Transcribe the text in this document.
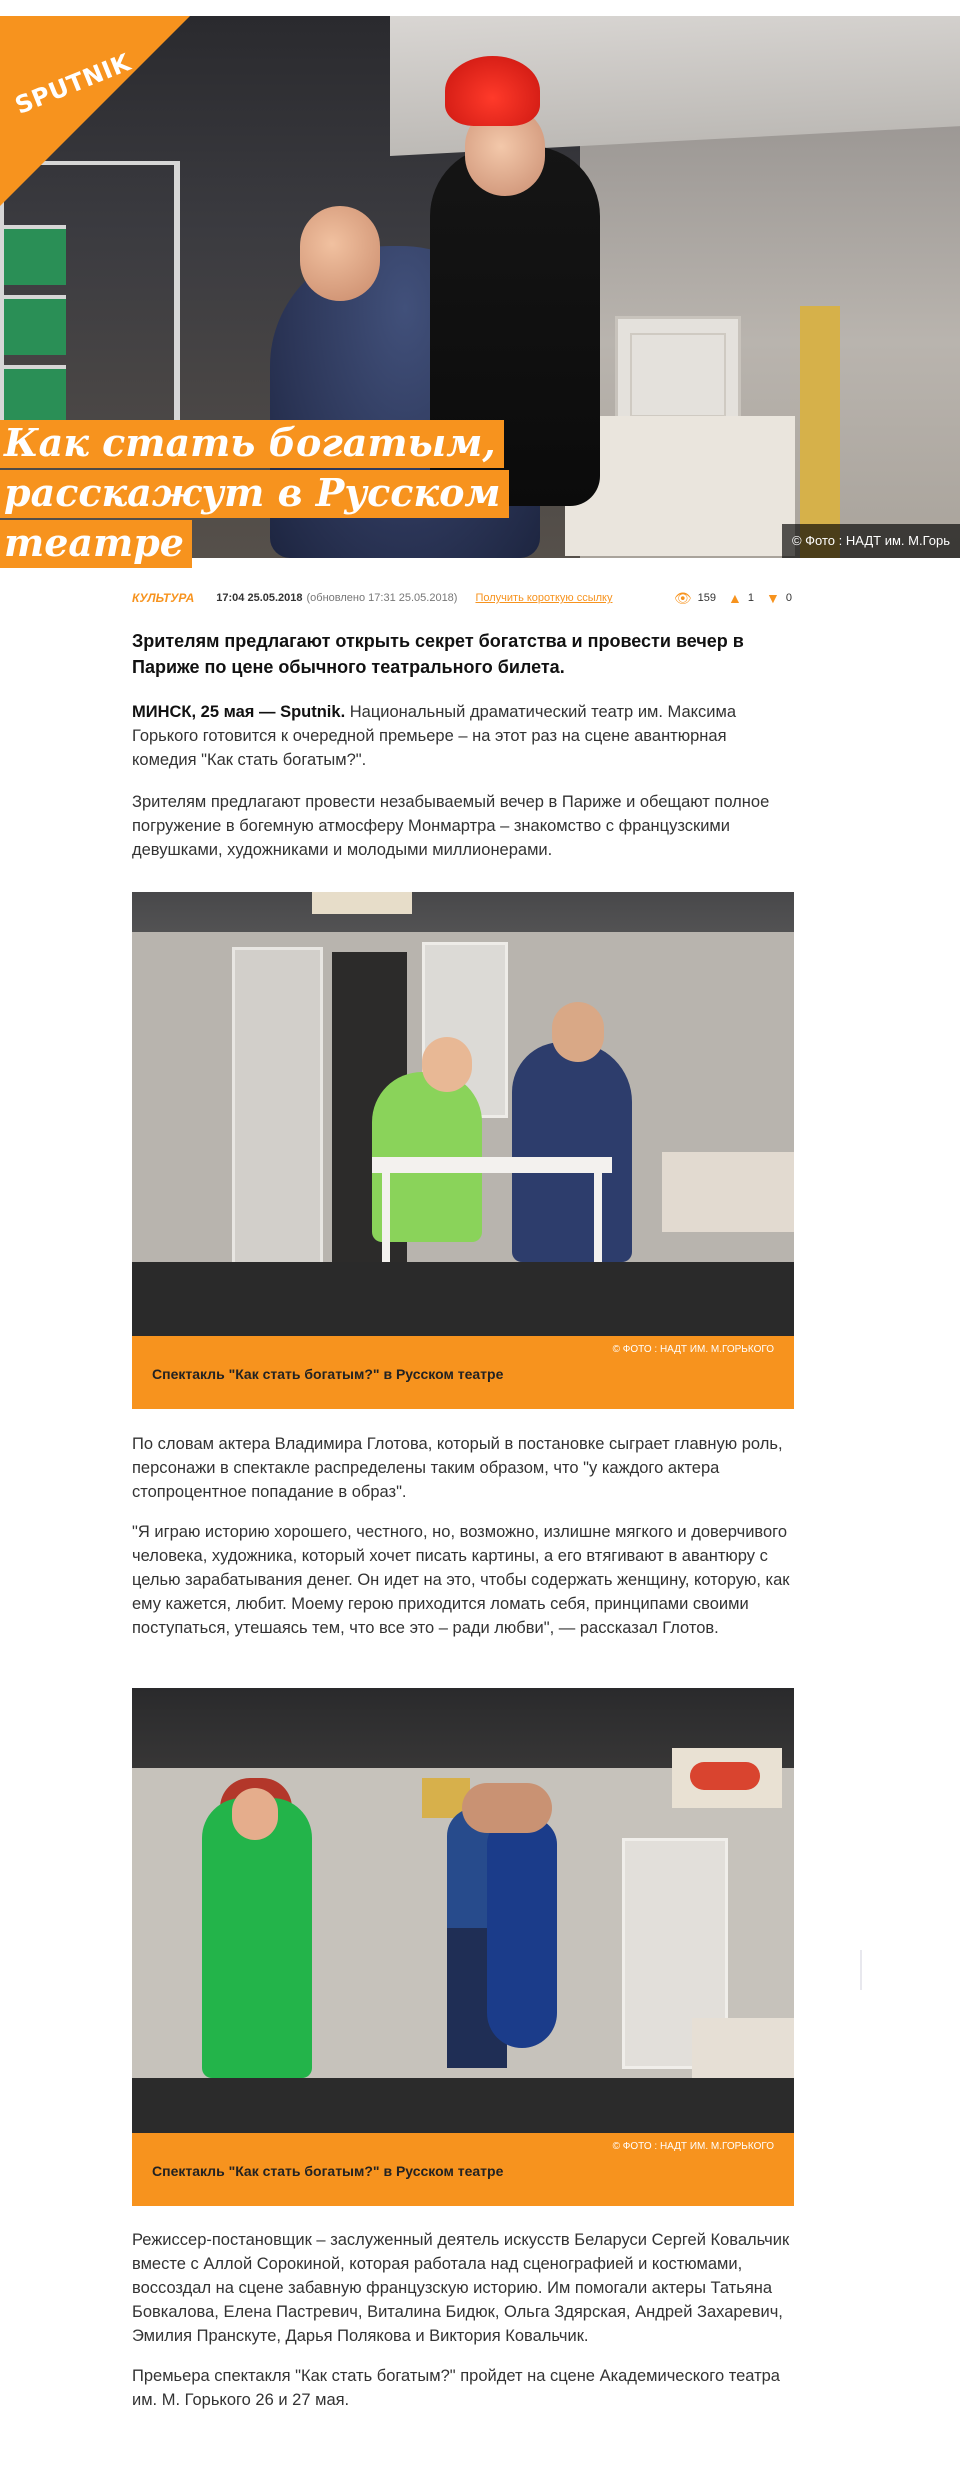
SPUTNIK
Как стать богатым,
расскажут в Русском
театре	© Фото : НАДТ им. М.Горь
КУЛЬТУРА 17:04 25.05.2018 (обновлено 17:31 25.05.2018) Получить короткую ссылку	👁 159 ▲ 1 ▼ 0
Зрителям предлагают открыть секрет богатства и провести вечер в Париже по цене обычного театрального билета.

МИНСК, 25 мая — Sputnik. Национальный драматический театр им. Максима Горького готовится к очередной премьере – на этот раз на сцене авантюрная комедия "Как стать богатым?".

Зрителям предлагают провести незабываемый вечер в Париже и обещают полное погружение в богемную атмосферу Монмартра – знакомство с французскими девушками, художниками и молодыми миллионерами.

© ФОТО : НАДТ ИМ. М.ГОРЬКОГО
Спектакль "Как стать богатым?" в Русском театре

По словам актера Владимира Глотова, который в постановке сыграет главную роль, персонажи в спектакле распределены таким образом, что "у каждого актера стопроцентное попадание в образ".

"Я играю историю хорошего, честного, но, возможно, излишне мягкого и доверчивого человека, художника, который хочет писать картины, а его втягивают в авантюру с целью зарабатывания денег. Он идет на это, чтобы содержать женщину, которую, как ему кажется, любит. Моему герою приходится ломать себя, принципами своими поступаться, утешаясь тем, что все это – ради любви", — рассказал Глотов.

© ФОТО : НАДТ ИМ. М.ГОРЬКОГО
Спектакль "Как стать богатым?" в Русском театре

Режиссер-постановщик – заслуженный деятель искусств Беларуси Сергей Ковальчик вместе с Аллой Сорокиной, которая работала над сценографией и костюмами, воссоздал на сцене забавную французскую историю. Им помогали актеры Татьяна Бовкалова, Елена Пастревич, Виталина Бидюк, Ольга Здярская, Андрей Захаревич, Эмилия Пранскуте, Дарья Полякова и Виктория Ковальчик.

Премьера спектакля "Как стать богатым?" пройдет на сцене Академического театра им. М. Горького 26 и 27 мая.
